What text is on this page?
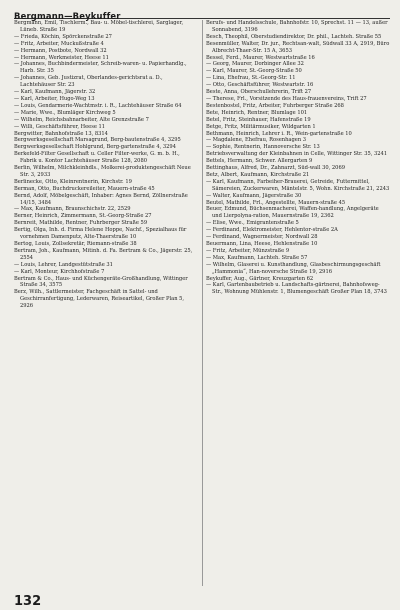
Bergmann—Beykuffer
Bergmann, Emil, Tischlerm., Bau- u. Möbel-tischlerei, Sarglager, Lüneb. Straße 19
— Frieda, Köchin, Spörckenstraße 27
— Fritz, Arbeiter, Muckußstraße 4
— Hermann, Postbote, Nordwall 32
— Hermann, Werkmeister, Heese 11
— Johannes, Buchbindermeister, Schreib-waren- u. Papierhandlg., Harb. Str. 35
— Johannes, Geb. Justizrat, Oberlandes-gerichtsrat a. D., Lachtehäuser Str. 23
— Karl, Kaufmann, Jägerstr. 32
— Karl, Arbeiter, Hugo-Weg 13
— Louis, Gendarmerie-Wachtmstr. i. R., Lachtehäuser Straße 64
— Marie, Wwe., Blumläger Kirchweg 5
— Wilhelm, Reichsbahnarbeiter, Alte Grenzstraße 7
— Willi, Geschäftsführer, Heese 11
Bergwitter, Bahnhofstraße 13, 8314
Bergwerksgesellschaft Marsagrund, Berg-bautenstraße 4, 3295
Bergwerksgesellschaft Hohlgrund, Berg-gartenstraße 4, 3294
Berkefeld-Filter Gesellschaft u. Celler Filter-werke, G. m. b. H., Fabrik u. Kontor Lachtehäuser Straße 128, 2080
Berlin, Wilhelm, Milchkleinhdls., Molkerei-produktengeschäft Neue Str. 3, 2933
Berlinecke, Otto, Kleinrentnerin, Kirchstr. 19
Berman, Otto, Buchdruckereileiter, Mauern-straße 45
Bernd, Adolf, Möbelgeschäft, Inhaber: Agnes Bernd, Zöllnerstraße 14/15, 3484
— Max, Kaufmann, Braunschichstr. 22, 2529
Berner, Heinrich, Zimmermann, St.-Georg-Straße 27
Bernreit, Mathilde, Rentner, Fuhrberger Straße 59
Bertig, Olga, Inh. d. Firma Helene Hoppe, Nachf., Spezialhaus für vornehmen Damenputz, Alte-Thaerstraße 10
Bertog, Louis, Zollsekretär, Riemann-straße 38
Bertram, Joh., Kaufmann, Mitinh. d. Fa. Bertram & Co., Jägerstr. 25, 2554
— Louis, Lehrer, Landgestütstraße 31
— Karl, Monteur, Kirchhofstraße 7
Bertram & Co., Haus- und Küchengeräte-Großhandlung, Wittinger Straße 34, 3575
Berz, Wilh., Sattlermeister, Fachgeschäft in Sattel- und Geschirranfertigung, Lederwaren, Reiseartikel, Großer Plan 5, 2926
Berufs- und Handelsschule, Bahnhofstr. 10, Sprechst. 11 — 13, außer Sonnabend, 3196
Besch, Theophil, Oberstudiendirektor, Dr. phil., Lachteh. Straße 55
Besenmüller, Walter, Dr. jur., Rechtsan-walt, Südwall 33 A, 2919, Büro Albrecht-Thaer-Str. 15 A, 3653
Bessel, Ferd., Maurer, Westwartstraße 16
— Georg, Maurer, Dorbinger Allee 32
— Karl, Maurer, St.-Georg-Straße 50
— Lina, Ehefrau, St.-Georg-Str. 11
— Otto, Geschäftsführer, Westwartstr. 16
Beste, Anna, Oberschullehrerin, Trift 27
— Therese, Frl., Vorsitzende des Haus-frauenvereins, Trift 27
Bestenbostel, Fritz, Arbeiter, Fuhrberger Straße 268
Bete, Heinrich, Rentner, Blumlage 101
Betel, Fritz, Steinhauer, Hafenstraße 19
Betge, Fritz, Militärmusiker, Wildgarten 1
Bethmann, Heinrich, Lehrer i. R., Wein-gartenstraße 10
— Magdalene, Ehefrau, Rosenhagen 3
— Sophie, Rentnerin, Hannoversche Str. 13
Betriebsverwaltung der Kleinbahnen in Celle, Wittinger Str. 35, 3241
Bettels, Hermann, Schwer. Allergarten 9
Bettinghaus, Alfred, Dr., Zahnarzt, Süd-wall 30, 2069
Betz, Albert, Kaufmann, Kirchstraße 21
— Karl, Kaufmann, Farbeiher-Brauerei, Getreide, Futtermittel, Sämereien, Zuckerwaren, Mäntelstr. 5, Wohn. Kirchstraße 21, 2243
— Walter, Kaufmann, Jägerstraße 30
Beutel, Mathilde, Frl., Angestellte, Mauern-straße 45
Beuer, Edmund, Büchsenmacherei, Waffen-handlung, Angelgeräte und Lierpolyna-ration, Mauernstraße 19, 2362
— Elise, Wwe., Emigrantenstraße 5
— Ferdinand, Elektromeister, Hehlentor-straße 2A
— Ferdinand, Wagnermeister, Nordwall 28
Beuermann, Lina, Heese, Hehlenstraße 10
— Fritz, Arbeiter, Münzstraße 9
— Max, Kaufmann, Lachteh. Straße 57
— Wilhelm, Glaserei u. Kunsthandlung, Glasbeschirmungsgeschäft „Hammonia“, Han-noversche Straße 19, 2916
Beykuffer, Aug., Gärtner, Kreuzgarten 62
— Karl, Gartenbaubetrieb u. Landschafts-gärtnerei, Bahnhofsweg-Str., Wohnung Mühlenstr. 1, Blumengeschäft Großer Plan 18, 3743
132
